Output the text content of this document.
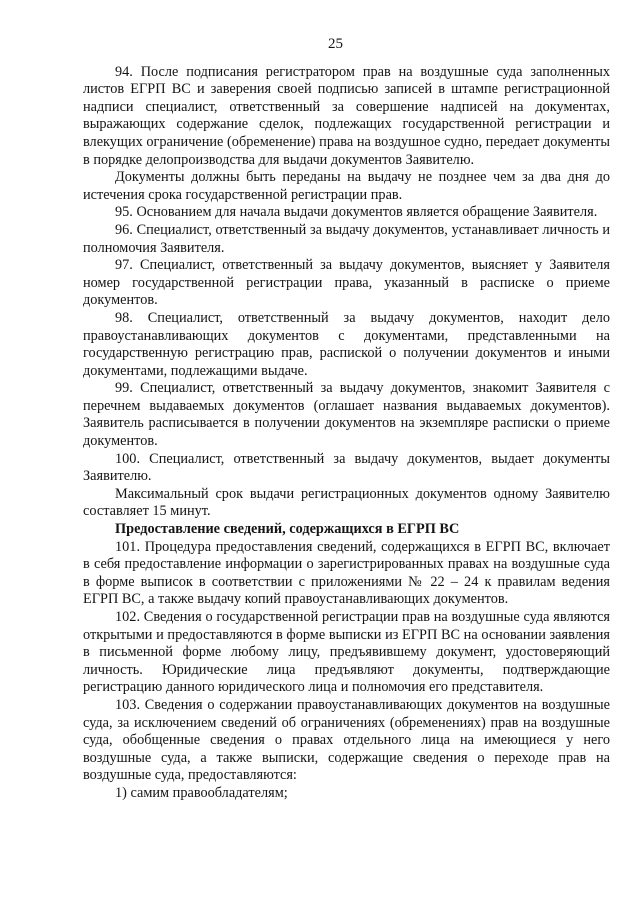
25

94. После подписания регистратором прав на воздушные суда заполненных листов ЕГРП ВС и заверения своей подписью записей в штампе регистрационной надписи специалист, ответственный за совершение надписей на документах, выражающих содержание сделок, подлежащих государственной регистрации и влекущих ограничение (обременение) права на воздушное судно, передает документы в порядке делопроизводства для выдачи документов Заявителю.

Документы должны быть переданы на выдачу не позднее чем за два дня до истечения срока государственной регистрации прав.

95. Основанием для начала выдачи документов является обращение Заявителя.

96. Специалист, ответственный за выдачу документов, устанавливает личность и полномочия Заявителя.

97. Специалист, ответственный за выдачу документов, выясняет у Заявителя номер государственной регистрации права, указанный в расписке о приеме документов.

98. Специалист, ответственный за выдачу документов, находит дело правоустанавливающих документов с документами, представленными на государственную регистрацию прав, распиской о получении документов и иными документами, подлежащими выдаче.

99. Специалист, ответственный за выдачу документов, знакомит Заявителя с перечнем выдаваемых документов (оглашает названия выдаваемых документов). Заявитель расписывается в получении документов на экземпляре расписки о приеме документов.

100. Специалист, ответственный за выдачу документов, выдает документы Заявителю.

Максимальный срок выдачи регистрационных документов одному Заявителю составляет 15 минут.

Предоставление сведений, содержащихся в ЕГРП ВС

101. Процедура предоставления сведений, содержащихся в ЕГРП ВС, включает в себя предоставление информации о зарегистрированных правах на воздушные суда в форме выписок в соответствии с приложениями № 22 – 24 к правилам ведения ЕГРП ВС, а также выдачу копий правоустанавливающих документов.

102. Сведения о государственной регистрации прав на воздушные суда являются открытыми и предоставляются в форме выписки из ЕГРП ВС на основании заявления в письменной форме любому лицу, предъявившему документ, удостоверяющий личность. Юридические лица предъявляют документы, подтверждающие регистрацию данного юридического лица и полномочия его представителя.

103. Сведения о содержании правоустанавливающих документов на воздушные суда, за исключением сведений об ограничениях (обременениях) прав на воздушные суда, обобщенные сведения о правах отдельного лица на имеющиеся у него воздушные суда, а также выписки, содержащие сведения о переходе прав на воздушные суда, предоставляются:

1) самим правообладателям;
